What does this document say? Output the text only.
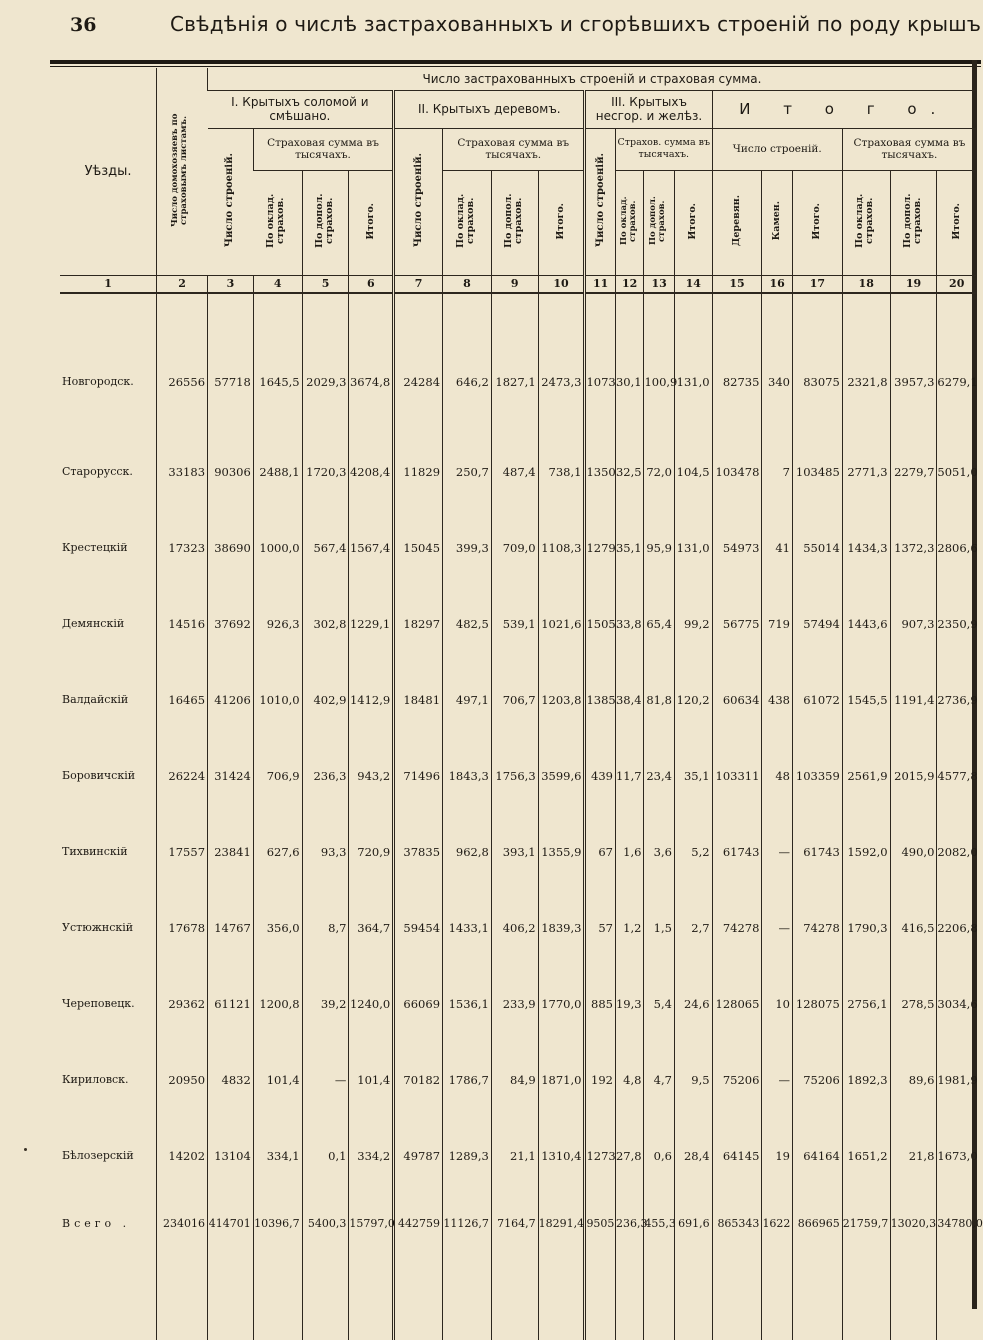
36	Свѣдѣнія о числѣ застрахованныхъ и сгорѣвшихъ строеній по роду крышъ
Уѣзды.	Число домохозяевъ по страховымъ листамъ.	Число застрахованныхъ строеній и страховая сумма.																	
		I. Крытыхъ соломой и смѣшано.				II. Крытыхъ деревомъ.				III. Крытыхъ несгор. и желѣз.				И т о г о.					
		Число строеній.	Страховая сумма въ тысячахъ.			Число строеній.	Страховая сумма въ тысячахъ.			Число строеній.	Страхов. сумма въ тысячахъ.			Число строеній.			Страховая сумма въ тысячахъ.		
			По оклад. страхов.	По допол. страхов.	Итого.		По оклад. страхов.	По допол. страхов.	Итого.		По оклад. страхов.	По допол. страхов.	Итого.	Деревян.	Камен.	Итого.	По оклад. страхов.	По допол. страхов.	Итого.
1	2	3	4	5	6	7	8	9	10	11	12	13	14	15	16	17	18	19	20
Новгородск.	26556	57718	1645,5	2029,3	3674,8	24284	646,2	1827,1	2473,3	1073	30,1	100,9	131,0	82735	340	83075	2321,8	3957,3	6279,1
Старорусск.	33183	90306	2488,1	1720,3	4208,4	11829	250,7	487,4	738,1	1350	32,5	72,0	104,5	103478	7	103485	2771,3	2279,7	5051,0
Крестецкій	17323	38690	1000,0	567,4	1567,4	15045	399,3	709,0	1108,3	1279	35,1	95,9	131,0	54973	41	55014	1434,3	1372,3	2806,6
Демянскій	14516	37692	926,3	302,8	1229,1	18297	482,5	539,1	1021,6	1505	33,8	65,4	99,2	56775	719	57494	1443,6	907,3	2350,9
Валдайскій	16465	41206	1010,0	402,9	1412,9	18481	497,1	706,7	1203,8	1385	38,4	81,8	120,2	60634	438	61072	1545,5	1191,4	2736,9
Боровичскій	26224	31424	706,9	236,3	943,2	71496	1843,3	1756,3	3599,6	439	11,7	23,4	35,1	103311	48	103359	2561,9	2015,9	4577,8
Тихвинскій	17557	23841	627,6	93,3	720,9	37835	962,8	393,1	1355,9	67	1,6	3,6	5,2	61743	—	61743	1592,0	490,0	2082,0
Устюжнскій	17678	14767	356,0	8,7	364,7	59454	1433,1	406,2	1839,3	57	1,2	1,5	2,7	74278	—	74278	1790,3	416,5	2206,8
Череповецк.	29362	61121	1200,8	39,2	1240,0	66069	1536,1	233,9	1770,0	885	19,3	5,4	24,6	128065	10	128075	2756,1	278,5	3034,6
Кириловск.	20950	4832	101,4	—	101,4	70182	1786,7	84,9	1871,0	192	4,8	4,7	9,5	75206	—	75206	1892,3	89,6	1981,9
Бѣлозерскій	14202	13104	334,1	0,1	334,2	49787	1289,3	21,1	1310,4	1273	27,8	0,6	28,4	64145	19	64164	1651,2	21,8	1673,0
Всего .	234016	414701	10396,7	5400,3	15797,0	442759	11126,7	7164,7	18291,4	9505	236,3	455,3	691,6	865343	1622	866965	21759,7	13020,3	34780,0
